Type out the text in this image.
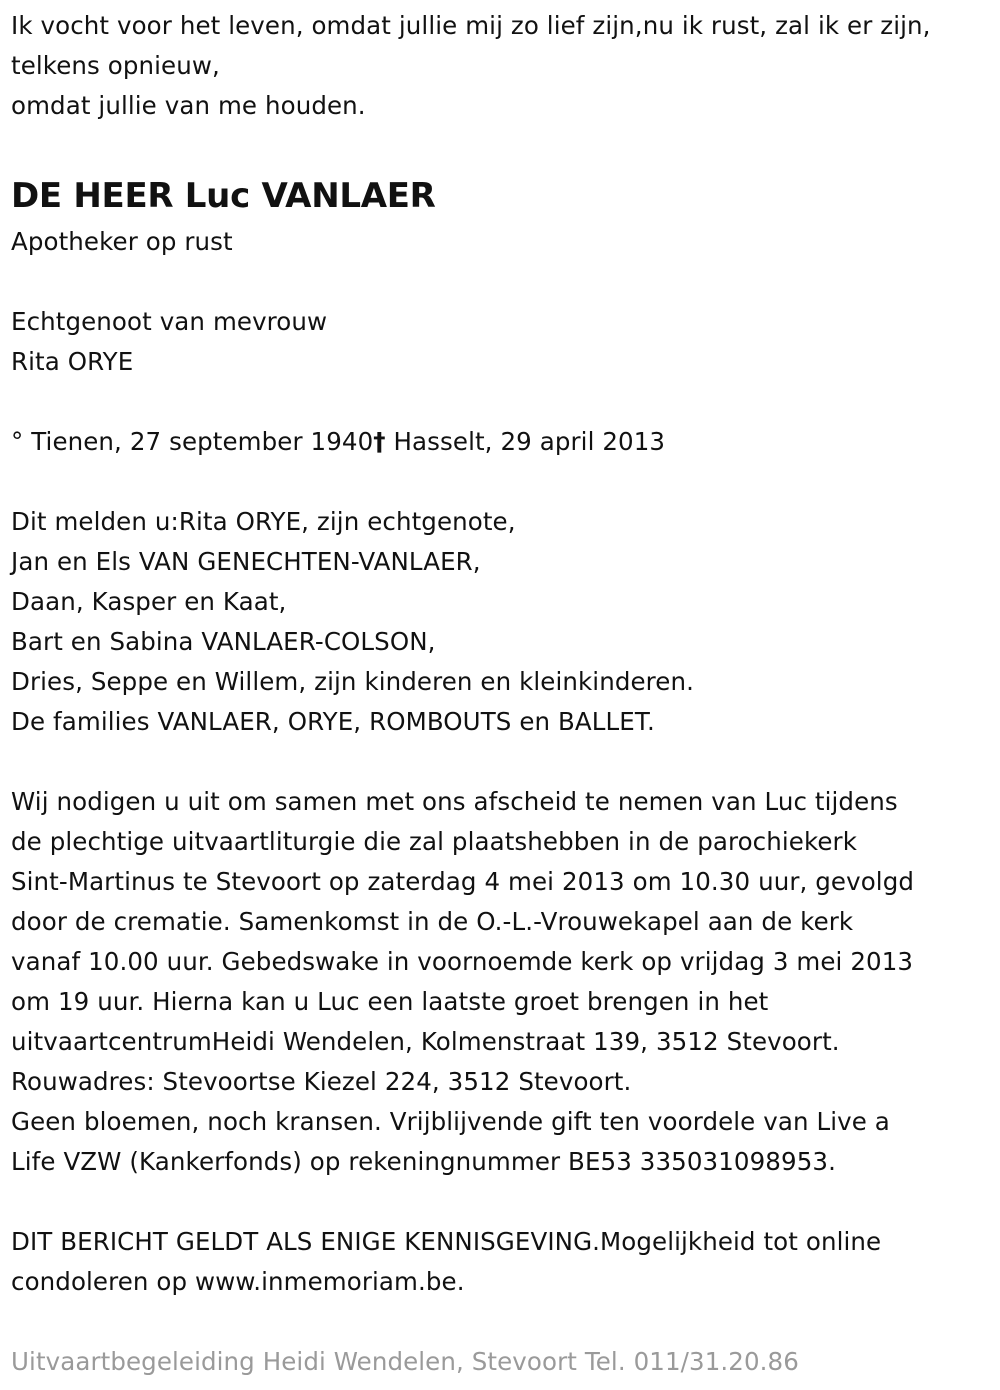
Ik vocht voor het leven, omdat jullie mij zo lief zijn,nu ik rust, zal ik er zijn,
telkens opnieuw,
omdat jullie van me houden.
DE HEER Luc VANLAER
Apotheker op rust
Echtgenoot van mevrouw
Rita ORYE
° Tienen, 27 september 1940† Hasselt, 29 april 2013
Dit melden u:Rita ORYE, zijn echtgenote,
Jan en Els VAN GENECHTEN-VANLAER,
Daan, Kasper en Kaat,
Bart en Sabina VANLAER-COLSON,
Dries, Seppe en Willem, zijn kinderen en kleinkinderen.
De families VANLAER, ORYE, ROMBOUTS en BALLET.
Wij nodigen u uit om samen met ons afscheid te nemen van Luc tijdens
de plechtige uitvaartliturgie die zal plaatshebben in de parochiekerk
Sint-Martinus te Stevoort op zaterdag 4 mei 2013 om 10.30 uur, gevolgd
door de crematie. Samenkomst in de O.-L.-Vrouwekapel aan de kerk
vanaf 10.00 uur. Gebedswake in voornoemde kerk op vrijdag 3 mei 2013
om 19 uur. Hierna kan u Luc een laatste groet brengen in het
uitvaartcentrumHeidi Wendelen, Kolmenstraat 139, 3512 Stevoort.
Rouwadres: Stevoortse Kiezel 224, 3512 Stevoort.
Geen bloemen, noch kransen. Vrijblijvende gift ten voordele van Live a
Life VZW (Kankerfonds) op rekeningnummer BE53 335031098953.
DIT BERICHT GELDT ALS ENIGE KENNISGEVING.Mogelijkheid tot online
condoleren op www.inmemoriam.be.
Uitvaartbegeleiding Heidi Wendelen, Stevoort Tel. 011/31.20.86
